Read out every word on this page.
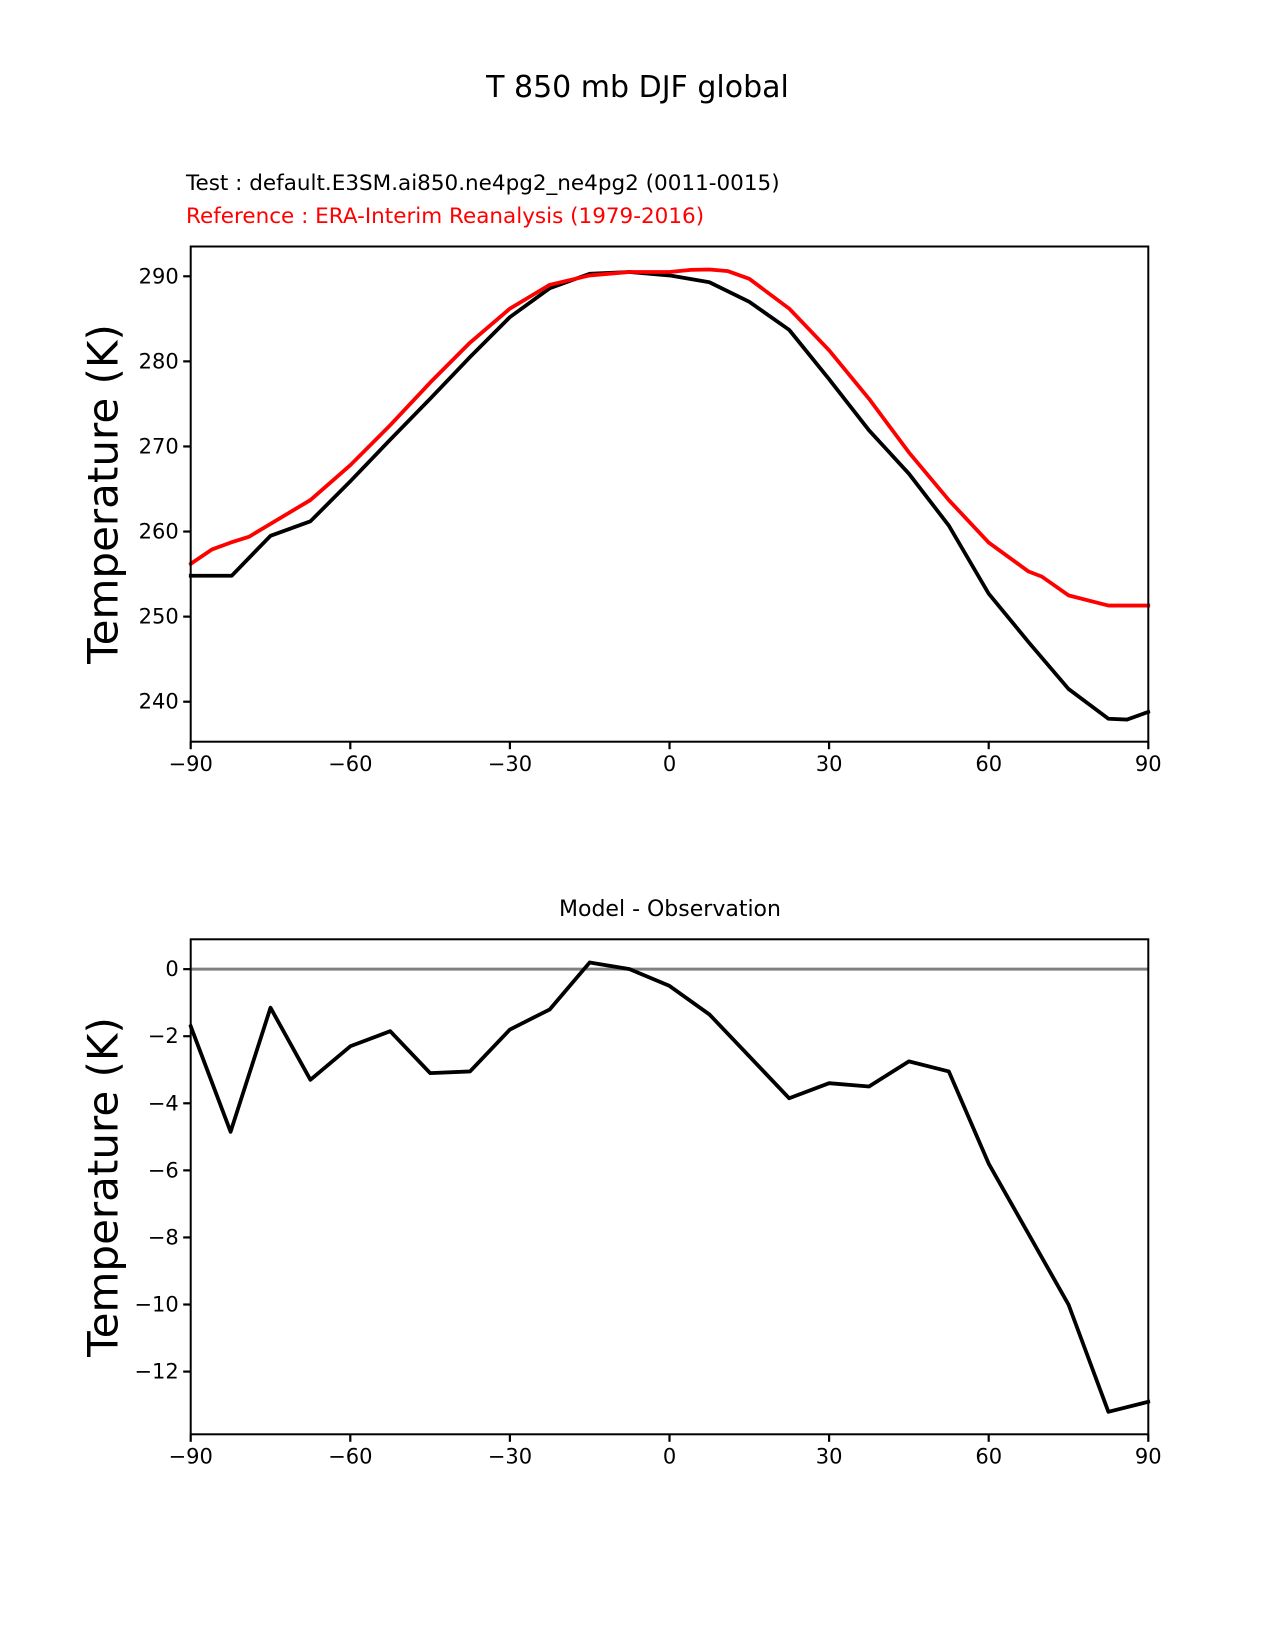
−90	−60	−30	0	30	60	90
240
250
260
270
280
290
−90	−60	−30	0	30	60	90
0
−2
−4
−6
−8
−10
−12
T 850 mb DJF global
Test : default.E3SM.ai850.ne4pg2_ne4pg2 (0011-0015)
Reference : ERA-Interim Reanalysis (1979-2016)
Temperature (K)
Temperature (K)
Model - Observation
